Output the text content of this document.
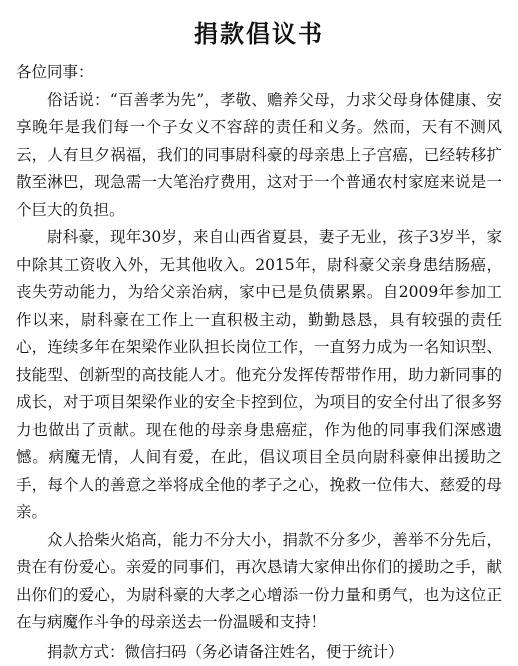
捐款倡议书
各位同事：

俗话说：“百善孝为先”，孝敬、赡养父母，力求父母身体健康、安享晚年是我们每一个子女义不容辞的责任和义务。然而，天有不测风云，人有旦夕祸福，我们的同事尉科豪的母亲患上子宫癌，已经转移扩散至淋巴，现急需一大笔治疗费用，这对于一个普通农村家庭来说是一个巨大的负担。

尉科豪，现年30岁，来自山西省夏县，妻子无业，孩子3岁半，家中除其工资收入外，无其他收入。2015年，尉科豪父亲身患结肠癌，丧失劳动能力，为给父亲治病，家中已是负债累累。自2009年参加工作以来，尉科豪在工作上一直积极主动，勤勤恳恳，具有较强的责任心，连续多年在架梁作业队担长岗位工作，一直努力成为一名知识型、技能型、创新型的高技能人才。他充分发挥传帮带作用，助力新同事的成长，对于项目架梁作业的安全卡控到位，为项目的安全付出了很多努力也做出了贡献。现在他的母亲身患癌症，作为他的同事我们深感遗憾。病魔无情，人间有爱，在此，倡议项目全员向尉科豪伸出援助之手，每个人的善意之举将成全他的孝子之心，挽救一位伟大、慈爱的母亲。

众人拾柴火焰高，能力不分大小，捐款不分多少，善举不分先后，贵在有份爱心。亲爱的同事们，再次恳请大家伸出你们的援助之手，献出你们的爱心，为尉科豪的大孝之心增添一份力量和勇气，也为这位正在与病魔作斗争的母亲送去一份温暖和支持！

捐款方式：微信扫码（务必请备注姓名，便于统计）
